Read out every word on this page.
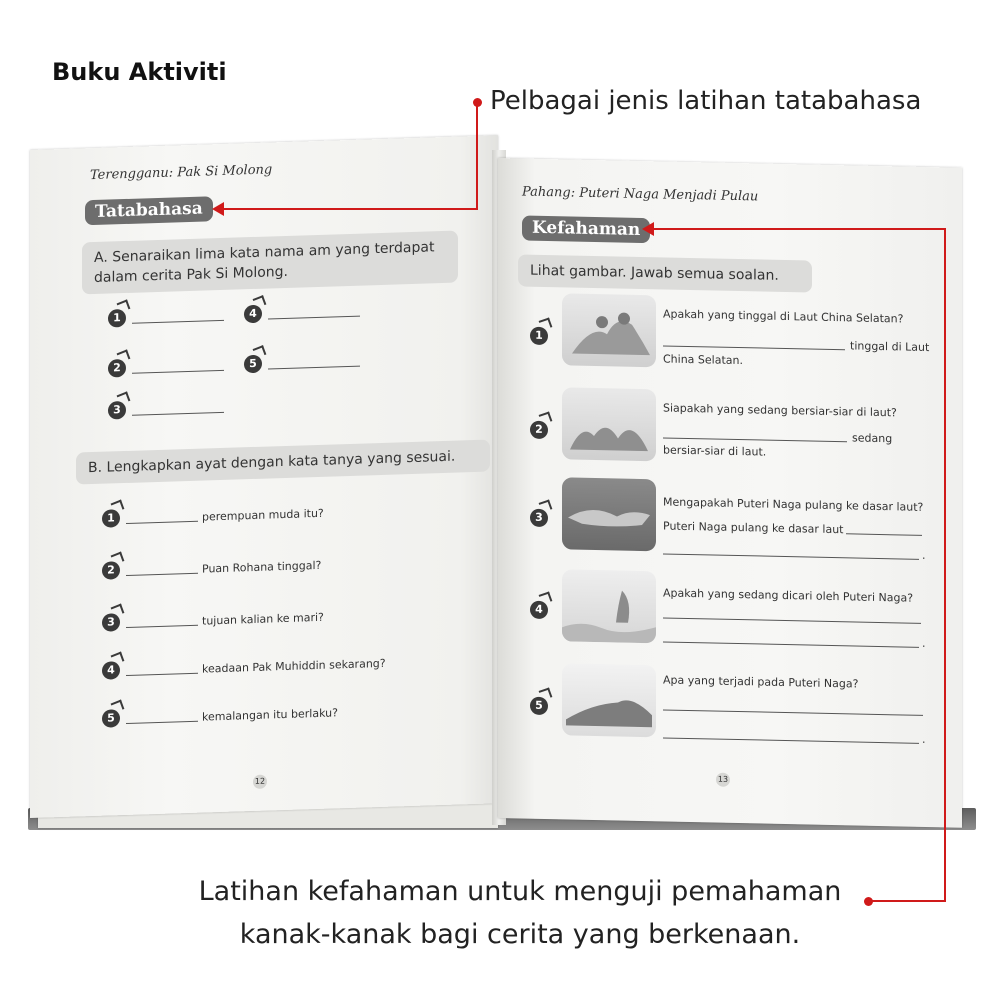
Buku Aktiviti
Terengganu: Pak Si Molong
Tatabahasa
A. Senaraikan lima kata nama am yang terdapat dalam cerita Pak Si Molong.
1	4
2	5
3
B. Lengkapkan ayat dengan kata tanya yang sesuai.
1	perempuan muda itu?
2	Puan Rohana tinggal?
3	tujuan kalian ke mari?
4	keadaan Pak Muhiddin sekarang?
5	kemalangan itu berlaku?
12
Pahang: Puteri Naga Menjadi Pulau
Kefahaman
Lihat gambar. Jawab semua soalan.
1
Apakah yang tinggal di Laut China Selatan?
tinggal di Laut
China Selatan.
2
Siapakah yang sedang bersiar-siar di laut?
sedang
bersiar-siar di laut.
3
Mengapakah Puteri Naga pulang ke dasar laut?
Puteri Naga pulang ke dasar laut
.
4
Apakah yang sedang dicari oleh Puteri Naga?
.
5
Apa yang terjadi pada Puteri Naga?
.
13
Pelbagai jenis latihan tatabahasa
Latihan kefahaman untuk menguji pemahaman kanak-kanak bagi cerita yang berkenaan.
